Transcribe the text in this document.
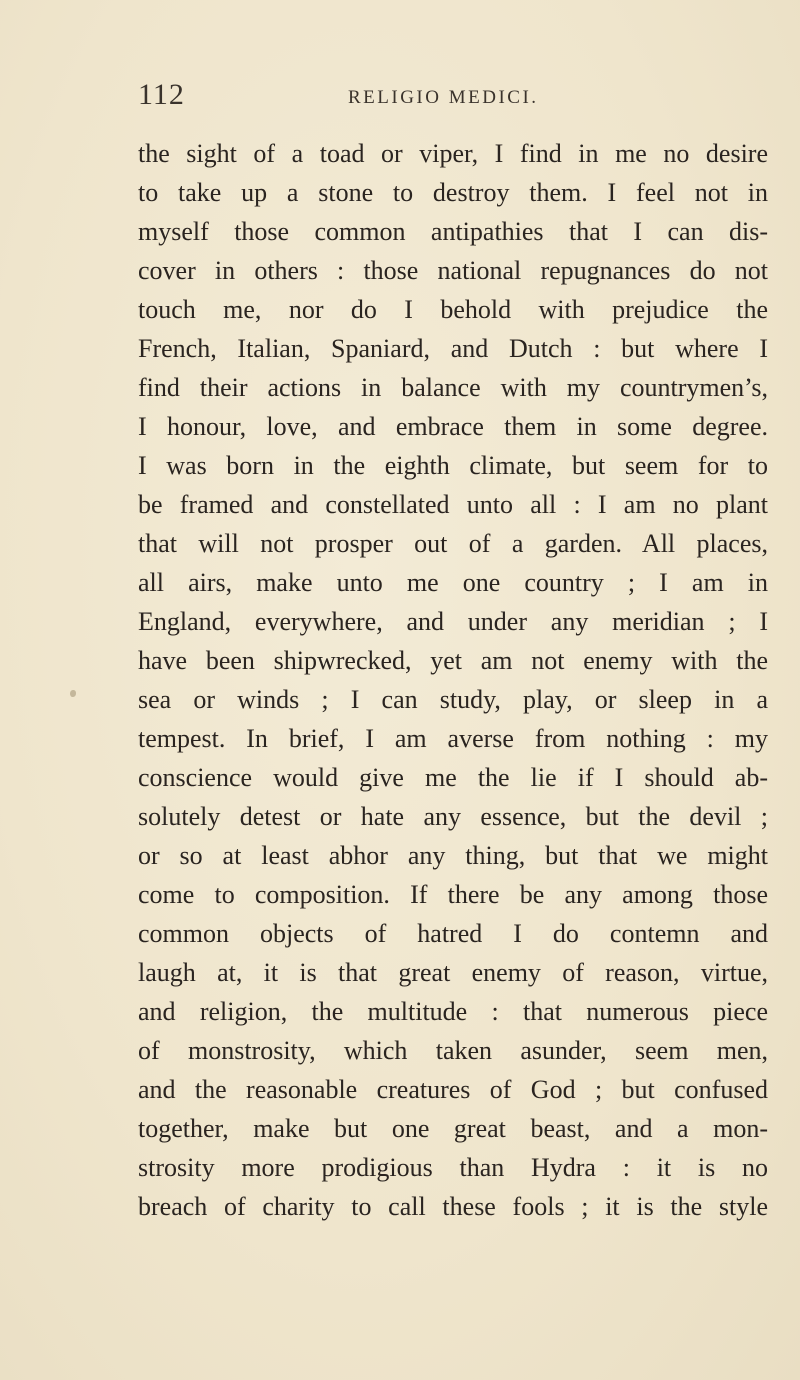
112	RELIGIO MEDICI.
the sight of a toad or viper, I find in me no desire
to take up a stone to destroy them. I feel not in
myself those common antipathies that I can dis-
cover in others : those national repugnances do not
touch me, nor do I behold with prejudice the
French, Italian, Spaniard, and Dutch : but where I
find their actions in balance with my countrymen’s,
I honour, love, and embrace them in some degree.
I was born in the eighth climate, but seem for to
be framed and constellated unto all : I am no plant
that will not prosper out of a garden. All places,
all airs, make unto me one country ; I am in
England, everywhere, and under any meridian ; I
have been shipwrecked, yet am not enemy with the
sea or winds ; I can study, play, or sleep in a
tempest. In brief, I am averse from nothing : my
conscience would give me the lie if I should ab-
solutely detest or hate any essence, but the devil ;
or so at least abhor any thing, but that we might
come to composition. If there be any among those
common objects of hatred I do contemn and
laugh at, it is that great enemy of reason, virtue,
and religion, the multitude : that numerous piece
of monstrosity, which taken asunder, seem men,
and the reasonable creatures of God ; but confused
together, make but one great beast, and a mon-
strosity more prodigious than Hydra : it is no
breach of charity to call these fools ; it is the style
